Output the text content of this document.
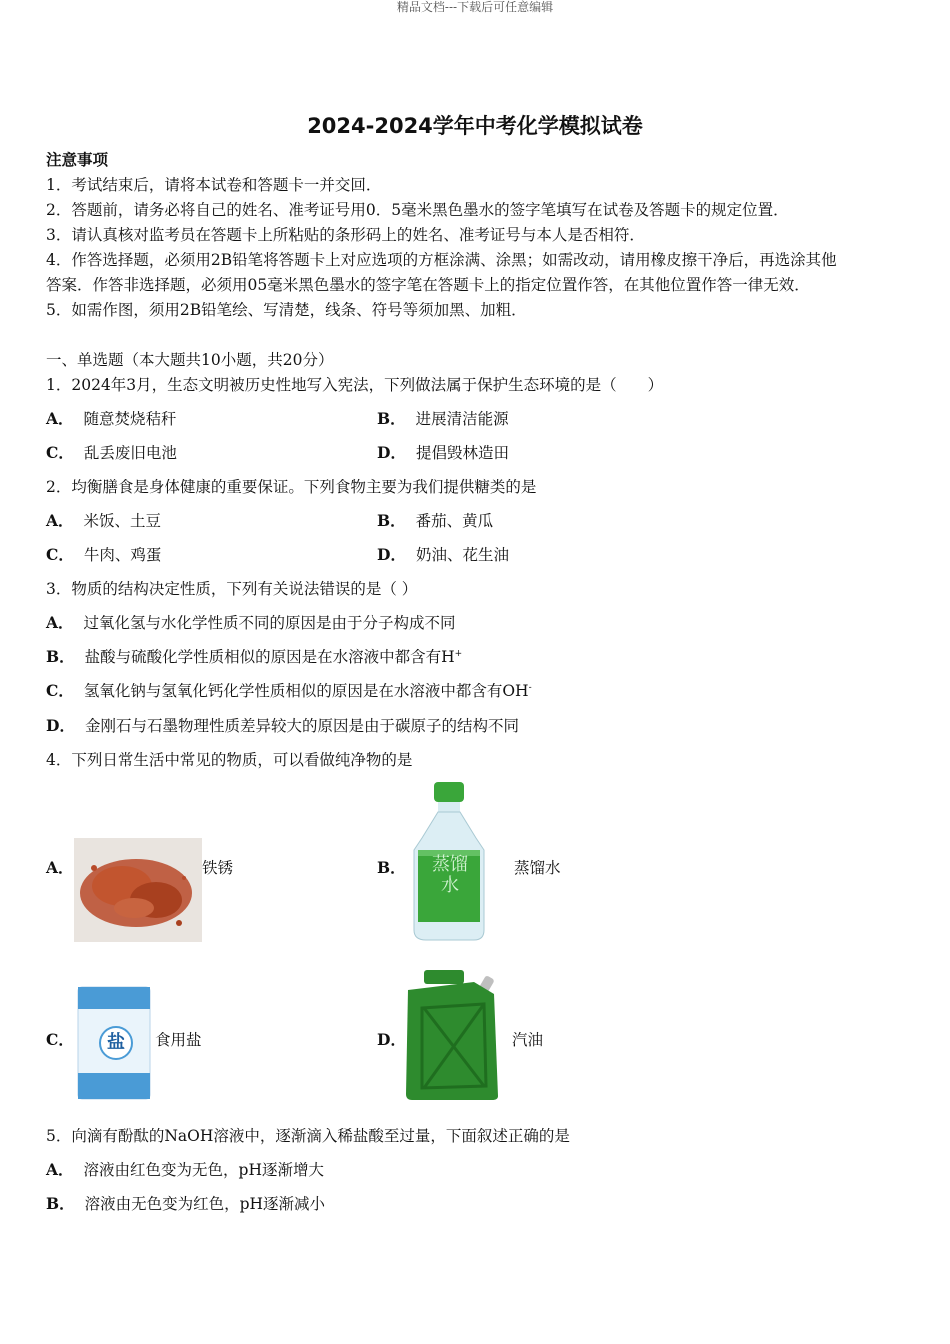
精品文档---下载后可任意编辑
2024-2024学年中考化学模拟试卷
注意事项
1．考试结束后，请将本试卷和答题卡一并交回．
2．答题前，请务必将自己的姓名、准考证号用0．5毫米黑色墨水的签字笔填写在试卷及答题卡的规定位置．
3．请认真核对监考员在答题卡上所粘贴的条形码上的姓名、准考证号与本人是否相符．
4．作答选择题，必须用2B铅笔将答题卡上对应选项的方框涂满、涂黑；如需改动，请用橡皮擦干净后，再选涂其他
答案．作答非选择题，必须用05毫米黑色墨水的签字笔在答题卡上的指定位置作答，在其他位置作答一律无效．
5．如需作图，须用2B铅笔绘、写清楚，线条、符号等须加黑、加粗．
一、单选题（本大题共10小题，共20分）
1．2024年3月，生态文明被历史性地写入宪法，下列做法属于保护生态环境的是（　　）
A． 随意焚烧秸秆	B． 进展清洁能源
C． 乱丢废旧电池	D． 提倡毁林造田
2．均衡膳食是身体健康的重要保证。下列食物主要为我们提供糖类的是
A． 米饭、土豆	B． 番茄、黄瓜
C． 牛肉、鸡蛋	D． 奶油、花生油
3．物质的结构决定性质，下列有关说法错误的是（ ）
A． 过氧化氢与水化学性质不同的原因是由于分子构成不同
B． 盐酸与硫酸化学性质相似的原因是在水溶液中都含有H+
C． 氢氧化钠与氢氧化钙化学性质相似的原因是在水溶液中都含有OH-
D． 金刚石与石墨物理性质差异较大的原因是由于碳原子的结构不同
4．下列日常生活中常见的物质，可以看做纯净物的是
A．	铁锈	B．	蒸馏水
蒸馏水
C．	盐 食用盐	D．	汽油
5．向滴有酚酞的NaOH溶液中，逐渐滴入稀盐酸至过量，下面叙述正确的是
A． 溶液由红色变为无色，pH逐渐增大
B． 溶液由无色变为红色，pH逐渐减小
